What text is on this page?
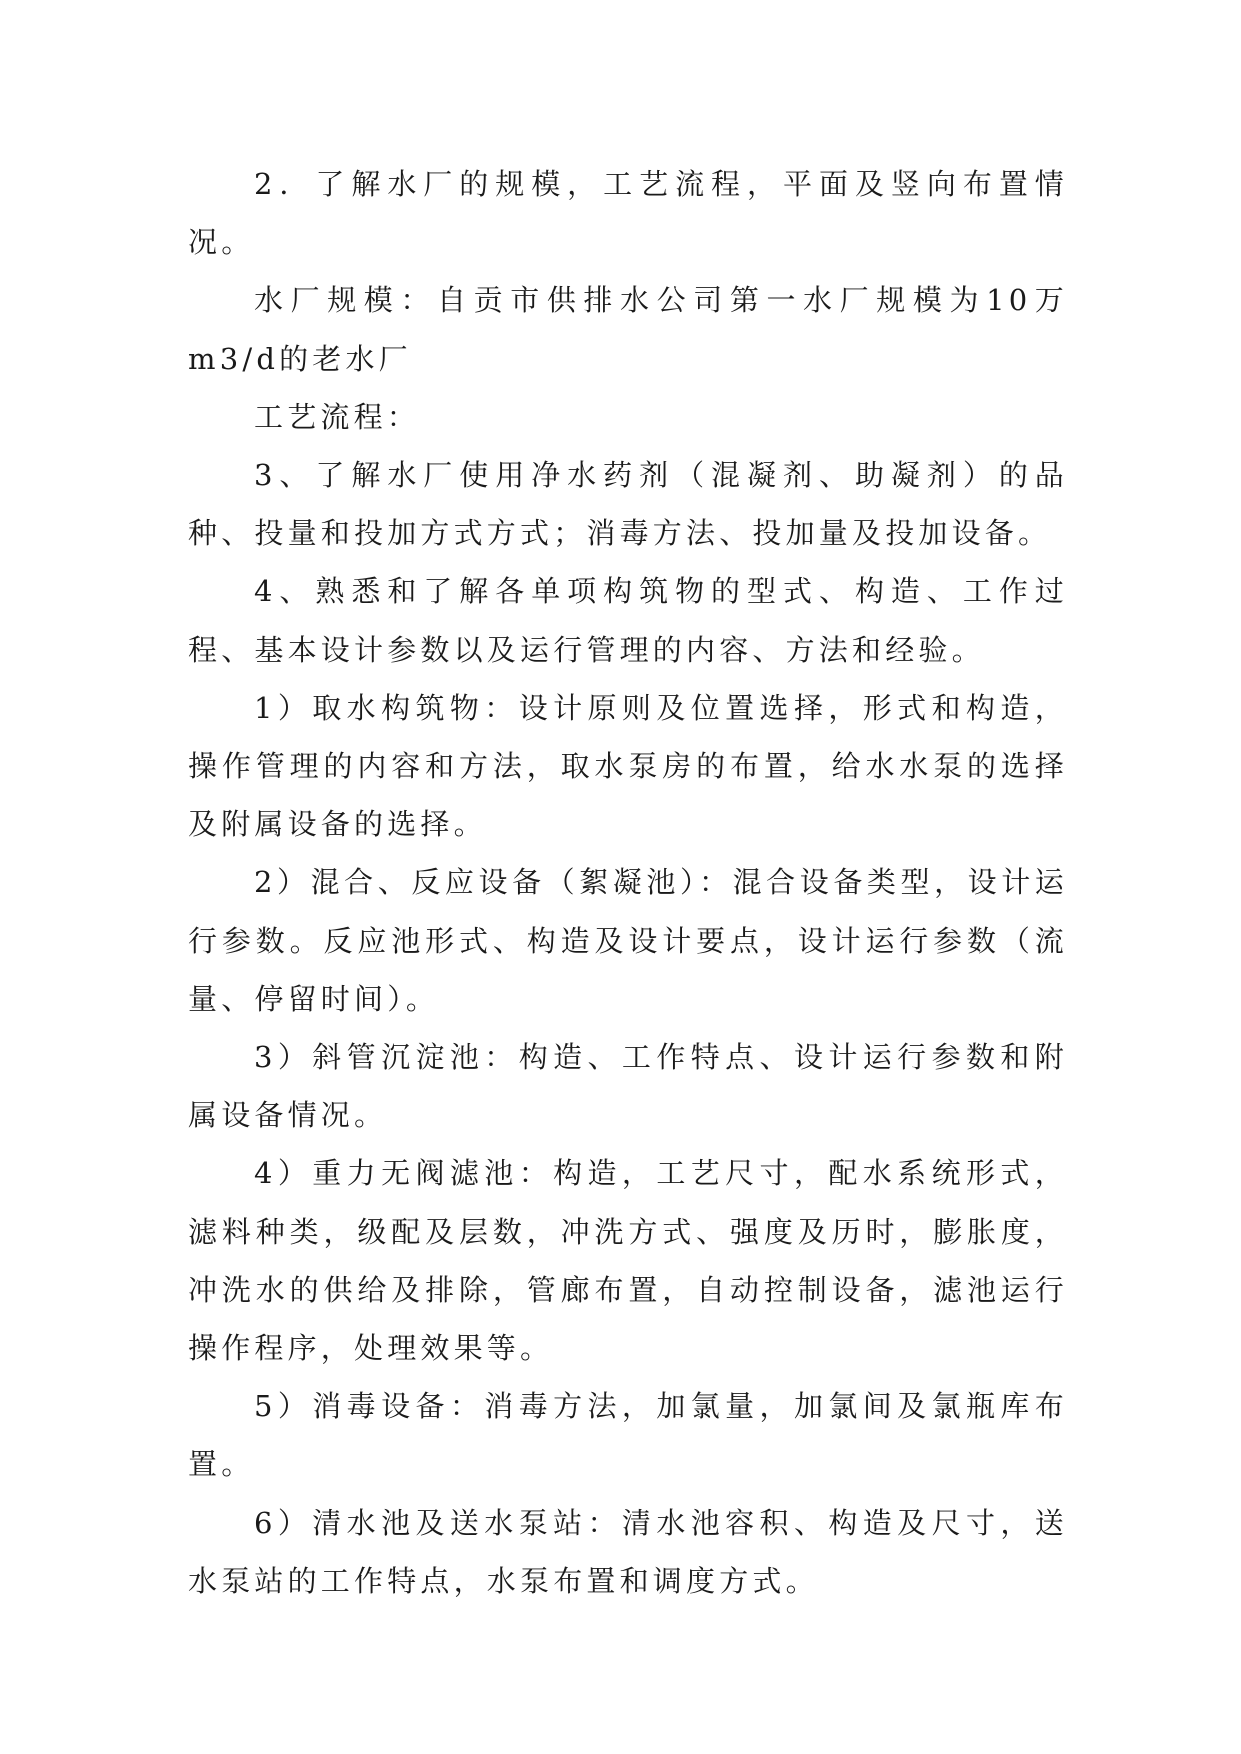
2．了解水厂的规模，工艺流程，平面及竖向布置情况。

水厂规模：自贡市供排水公司第一水厂规模为10万m3/d的老水厂

工艺流程：

3、了解水厂使用净水药剂（混凝剂、助凝剂）的品种、投量和投加方式方式；消毒方法、投加量及投加设备。

4、熟悉和了解各单项构筑物的型式、构造、工作过程、基本设计参数以及运行管理的内容、方法和经验。

1）取水构筑物：设计原则及位置选择，形式和构造，操作管理的内容和方法，取水泵房的布置，给水水泵的选择及附属设备的选择。

2）混合、反应设备（絮凝池）：混合设备类型，设计运行参数。反应池形式、构造及设计要点，设计运行参数（流量、停留时间）。

3）斜管沉淀池：构造、工作特点、设计运行参数和附属设备情况。

4）重力无阀滤池：构造，工艺尺寸，配水系统形式，滤料种类，级配及层数，冲洗方式、强度及历时，膨胀度，冲洗水的供给及排除，管廊布置，自动控制设备，滤池运行操作程序，处理效果等。

5）消毒设备：消毒方法，加氯量，加氯间及氯瓶库布置。

6）清水池及送水泵站：清水池容积、构造及尺寸，送水泵站的工作特点，水泵布置和调度方式。
